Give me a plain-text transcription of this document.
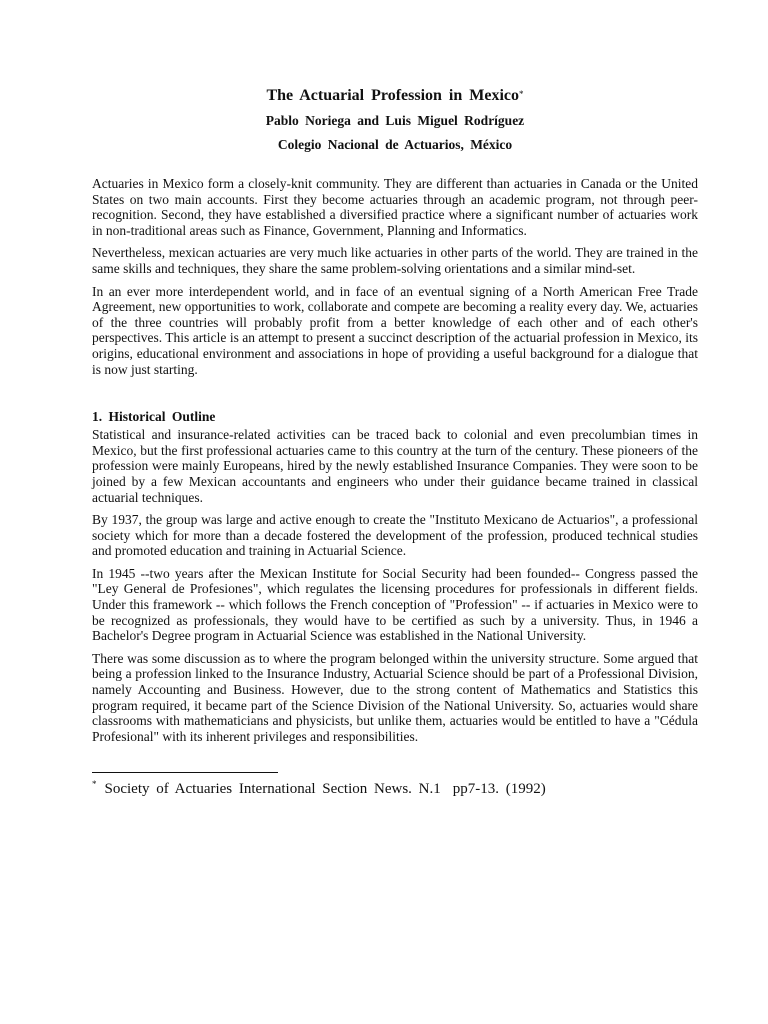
The Actuarial Profession in Mexico*
Pablo Noriega and Luis Miguel Rodríguez
Colegio Nacional de Actuarios, México

Actuaries in Mexico form a closely-knit community. They are different than actuaries in Canada or the United States on two main accounts. First they become actuaries through an academic program, not through peer-recognition. Second, they have established a diversified practice where a significant number of actuaries work in non-traditional areas such as Finance, Government, Planning and Informatics.

Nevertheless, mexican actuaries are very much like actuaries in other parts of the world. They are trained in the same skills and techniques, they share the same problem-solving orientations and a similar mind-set.

In an ever more interdependent world, and in face of an eventual signing of a North American Free Trade Agreement, new opportunities to work, collaborate and compete are becoming a reality every day. We, actuaries of the three countries will probably profit from a better knowledge of each other and of each other's perspectives. This article is an attempt to present a succinct description of the actuarial profession in Mexico, its origins, educational environment and associations in hope of providing a useful background for a dialogue that is now just starting.

1. Historical Outline

Statistical and insurance-related activities can be traced back to colonial and even precolumbian times in Mexico, but the first professional actuaries came to this country at the turn of the century. These pioneers of the profession were mainly Europeans, hired by the newly established Insurance Companies. They were soon to be joined by a few Mexican accountants and engineers who under their guidance became trained in classical actuarial techniques.

By 1937, the group was large and active enough to create the "Instituto Mexicano de Actuarios", a professional society which for more than a decade fostered the development of the profession, produced technical studies and promoted education and training in Actuarial Science.

In 1945 --two years after the Mexican Institute for Social Security had been founded-- Congress passed the "Ley General de Profesiones", which regulates the licensing procedures for professionals in different fields. Under this framework -- which follows the French conception of "Profession" -- if actuaries in Mexico were to be recognized as professionals, they would have to be certified as such by a university. Thus, in 1946 a Bachelor's Degree program in Actuarial Science was established in the National University.

There was some discussion as to where the program belonged within the university structure. Some argued that being a profession linked to the Insurance Industry, Actuarial Science should be part of a Professional Division, namely Accounting and Business. However, due to the strong content of Mathematics and Statistics this program required, it became part of the Science Division of the National University. So, actuaries would share classrooms with mathematicians and physicists, but unlike them, actuaries would be entitled to have a "Cédula Profesional" with its inherent privileges and responsibilities.

* Society of Actuaries International Section News. N.1 pp7-13. (1992)
